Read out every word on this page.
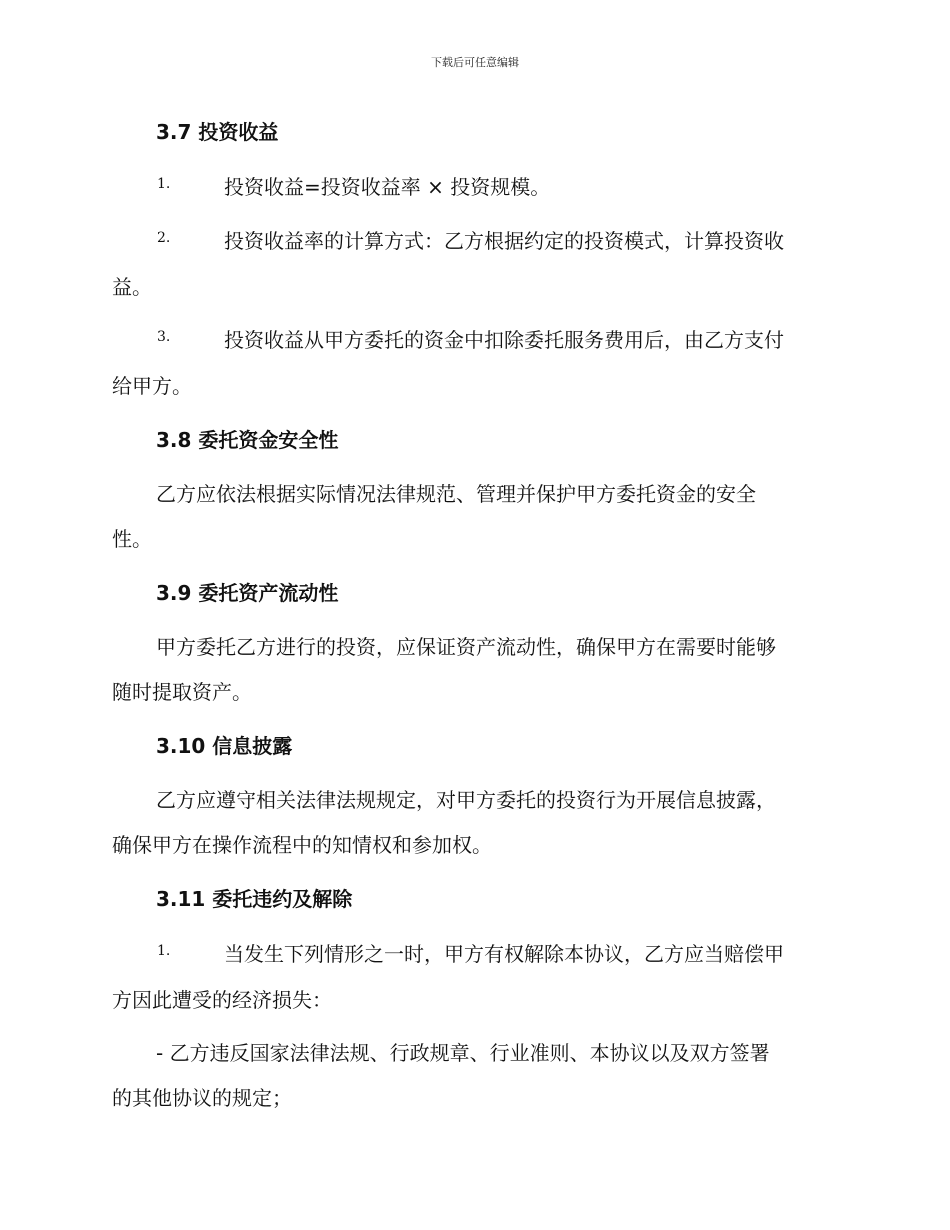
下载后可任意编辑
3.7 投资收益
1.	投资收益=投资收益率 × 投资规模。
2.	投资收益率的计算方式：乙方根据约定的投资模式，计算投资收
益。
3.	投资收益从甲方委托的资金中扣除委托服务费用后，由乙方支付
给甲方。
3.8 委托资金安全性
乙方应依法根据实际情况法律规范、管理并保护甲方委托资金的安全
性。
3.9 委托资产流动性
甲方委托乙方进行的投资，应保证资产流动性，确保甲方在需要时能够
随时提取资产。
3.10 信息披露
乙方应遵守相关法律法规规定，对甲方委托的投资行为开展信息披露，
确保甲方在操作流程中的知情权和参加权。
3.11 委托违约及解除
1.	当发生下列情形之一时，甲方有权解除本协议，乙方应当赔偿甲
方因此遭受的经济损失：
- 乙方违反国家法律法规、行政规章、行业准则、本协议以及双方签署
的其他协议的规定；
